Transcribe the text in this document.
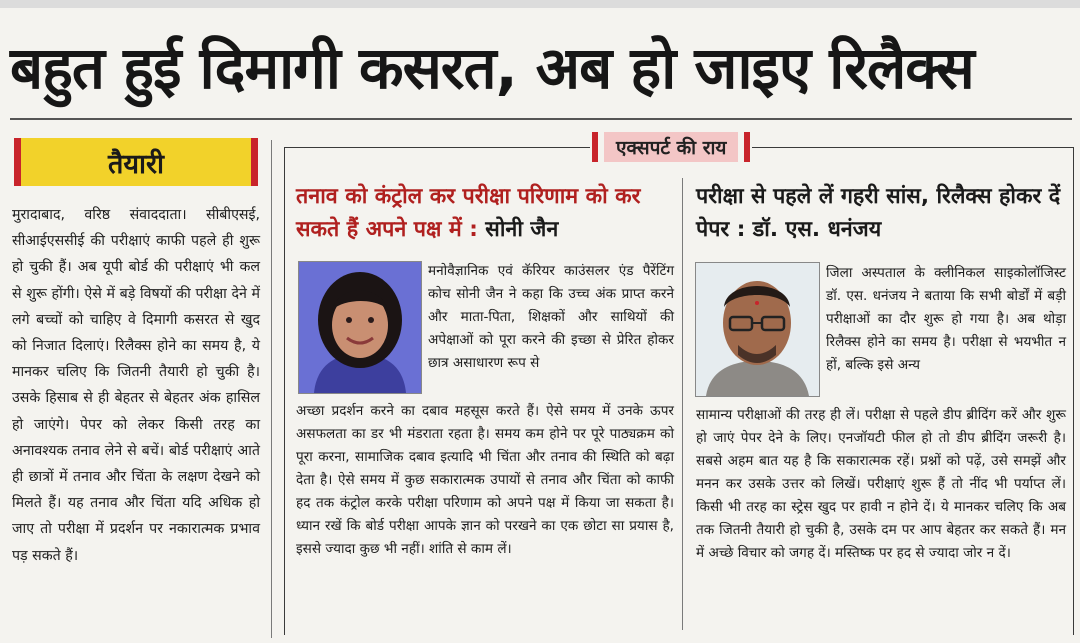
बहुत हुई दिमागी कसरत, अब हो जाइए रिलैक्स
तैयारी
मुरादाबाद, वरिष्ठ संवाददाता। सीबीएसई, सीआईएससीई की परीक्षाएं काफी पहले ही शुरू हो चुकी हैं। अब यूपी बोर्ड की परीक्षाएं भी कल से शुरू होंगी। ऐसे में बड़े विषयों की परीक्षा देने में लगे बच्चों को चाहिए वे दिमागी कसरत से खुद को निजात दिलाएं। रिलैक्स होने का समय है, ये मानकर चलिए कि जितनी तैयारी हो चुकी है। उसके हिसाब से ही बेहतर से बेहतर अंक हासिल हो जाएंगे। पेपर को लेकर किसी तरह का अनावश्यक तनाव लेने से बचें। बोर्ड परीक्षाएं आते ही छात्रों में तनाव और चिंता के लक्षण देखने को मिलते हैं। यह तनाव और चिंता यदि अधिक हो जाए तो परीक्षा में प्रदर्शन पर नकारात्मक प्रभाव पड़ सकते हैं।
एक्सपर्ट की राय
तनाव को कंट्रोल कर परीक्षा परिणाम को कर सकते हैं अपने पक्ष में : सोनी जैन
मनोवैज्ञानिक एवं कॅरियर काउंसलर एंड पैरेंटिंग कोच सोनी जैन ने कहा कि उच्च अंक प्राप्त करने और माता-पिता, शिक्षकों और साथियों की अपेक्षाओं को पूरा करने की इच्छा से प्रेरित होकर छात्र असाधारण रूप से
अच्छा प्रदर्शन करने का दबाव महसूस करते हैं। ऐसे समय में उनके ऊपर असफलता का डर भी मंडराता रहता है। समय कम होने पर पूरे पाठ्यक्रम को पूरा करना, सामाजिक दबाव इत्यादि भी चिंता और तनाव की स्थिति को बढ़ा देता है। ऐसे समय में कुछ सकारात्मक उपायों से तनाव और चिंता को काफी हद तक कंट्रोल करके परीक्षा परिणाम को अपने पक्ष में किया जा सकता है। ध्यान रखें कि बोर्ड परीक्षा आपके ज्ञान को परखने का एक छोटा सा प्रयास है, इससे ज्यादा कुछ भी नहीं। शांति से काम लें।
परीक्षा से पहले लें गहरी सांस, रिलैक्स होकर दें पेपर : डॉ. एस. धनंजय
जिला अस्पताल के क्लीनिकल साइकोलॉजिस्ट डॉ. एस. धनंजय ने बताया कि सभी बोर्डों में बड़ी परीक्षाओं का दौर शुरू हो गया है। अब थोड़ा रिलैक्स होने का समय है। परीक्षा से भयभीत न हों, बल्कि इसे अन्य
सामान्य परीक्षाओं की तरह ही लें। परीक्षा से पहले डीप ब्रीदिंग करें और शुरू हो जाएं पेपर देने के लिए। एनजॉयटी फील हो तो डीप ब्रीदिंग जरूरी है। सबसे अहम बात यह है कि सकारात्मक रहें। प्रश्नों को पढ़ें, उसे समझें और मनन कर उसके उत्तर को लिखें। परीक्षाएं शुरू हैं तो नींद भी पर्याप्त लें। किसी भी तरह का स्ट्रेस खुद पर हावी न होने दें। ये मानकर चलिए कि अब तक जितनी तैयारी हो चुकी है, उसके दम पर आप बेहतर कर सकते हैं। मन में अच्छे विचार को जगह दें। मस्तिष्क पर हद से ज्यादा जोर न दें।
